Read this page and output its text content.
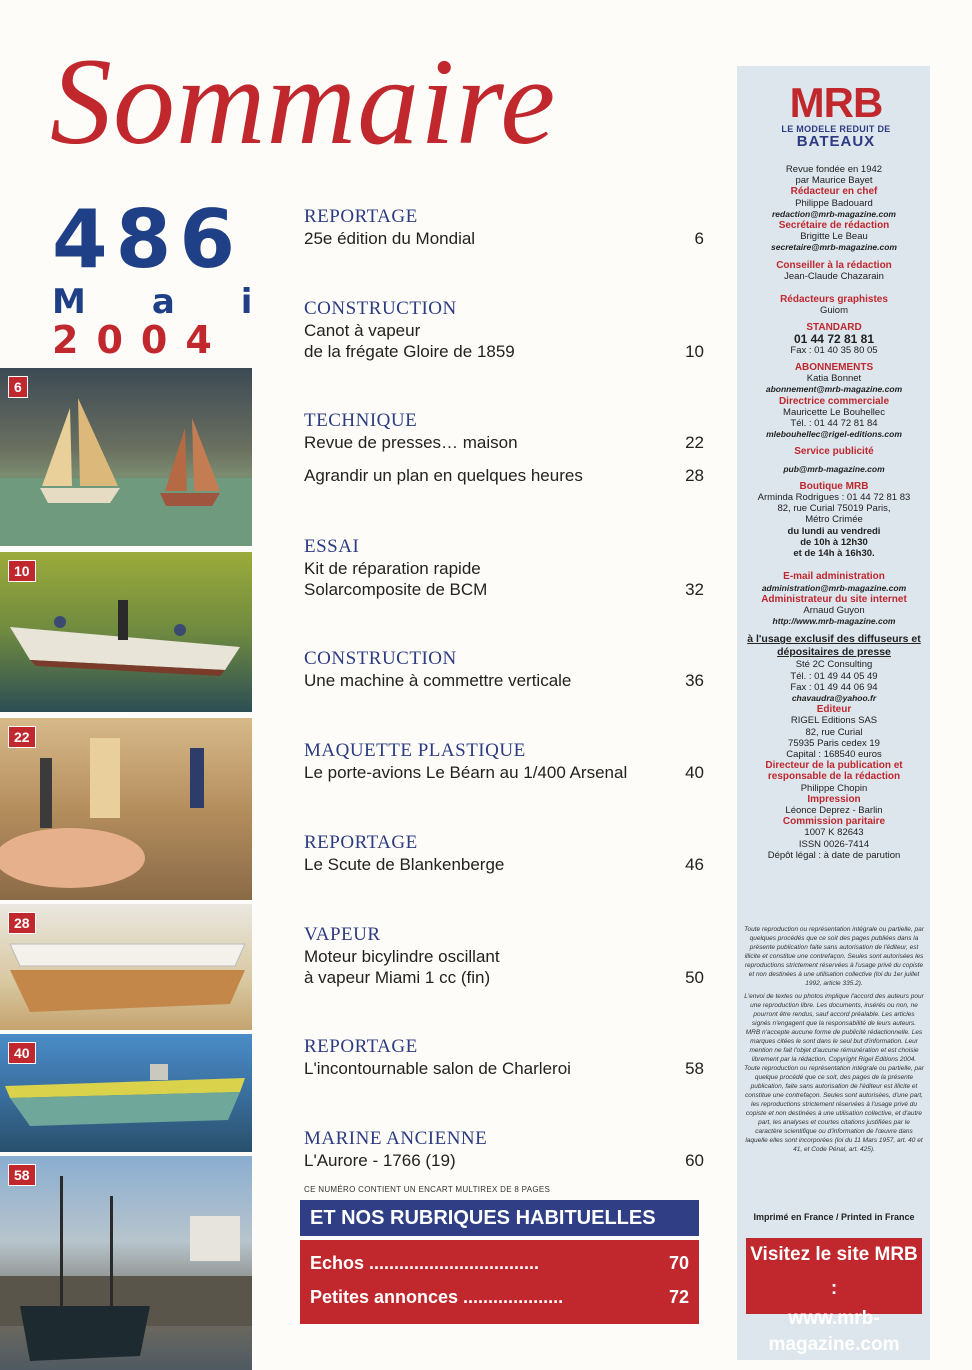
Sommaire
486
Mai
2004
6
10
22
28
40
58
REPORTAGE
25e édition du Mondial	6
CONSTRUCTION
Canot à vapeur
de la frégate Gloire de 1859	10
TECHNIQUE
Revue de presses… maison	22
Agrandir un plan en quelques heures	28
ESSAI
Kit de réparation rapide
Solarcomposite de BCM	32
CONSTRUCTION
Une machine à commettre verticale	36
MAQUETTE PLASTIQUE
Le porte-avions Le Béarn au 1/400 Arsenal	40
REPORTAGE
Le Scute de Blankenberge	46
VAPEUR
Moteur bicylindre oscillant
à vapeur Miami 1 cc (fin)	50
REPORTAGE
L'incontournable salon de Charleroi	58
MARINE ANCIENNE
L'Aurore - 1766 (19)	60
CE NUMÉRO CONTIENT UN ENCART MULTIREX DE 8 PAGES
ET NOS RUBRIQUES HABITUELLES
Echos ..................................	70
Petites annonces ....................	72
MRB
LE MODELE REDUIT DE
BATEAUX
Revue fondée en 1942
par Maurice Bayet
Rédacteur en chef
Philippe Badouard
redaction@mrb-magazine.com
Secrétaire de rédaction
Brigitte Le Beau
secretaire@mrb-magazine.com
Conseiller à la rédaction
Jean-Claude Chazarain
Rédacteurs graphistes
Guiom
STANDARD
01 44 72 81 81
Fax : 01 40 35 80 05
ABONNEMENTS
Katia Bonnet
abonnement@mrb-magazine.com
Directrice commerciale
Mauricette Le Bouhellec
Tél. : 01 44 72 81 84
mlebouhellec@rigel-editions.com
Service publicité
pub@mrb-magazine.com
Boutique MRB
Arminda Rodrigues : 01 44 72 81 83
82, rue Curial 75019 Paris,
Métro Crimée
du lundi au vendredi
de 10h à 12h30
et de 14h à 16h30.
E-mail administration
administration@mrb-magazine.com
Administrateur du site internet
Arnaud Guyon
http://www.mrb-magazine.com
à l'usage exclusif des diffuseurs et dépositaires de presse
Sté 2C Consulting
Tél. : 01 49 44 05 49
Fax : 01 49 44 06 94
chavaudra@yahoo.fr
Editeur
RIGEL Editions SAS
82, rue Curial
75935 Paris cedex 19
Capital : 168540 euros
Directeur de la publication et responsable de la rédaction
Philippe Chopin
Impression
Léonce Deprez - Barlin
Commission paritaire
1007 K 82643
ISSN 0026-7414
Dépôt légal : à date de parution

Toute reproduction ou représentation intégrale ou partielle, par quelques procédés que ce soit des pages publiées dans la présente publication faite sans autorisation de l'éditeur, est illicite et constitue une contrefaçon. Seules sont autorisées les reproductions strictement réservées à l'usage privé du copiste et non destinées à une utilisation collective (loi du 1er juillet 1992, article 335.2).

L'envoi de textes ou photos implique l'accord des auteurs pour une reproduction libre. Les documents, insérés ou non, ne pourront être rendus, sauf accord préalable. Les articles signés n'engagent que la responsabilité de leurs auteurs. MRB n'accepte aucune forme de publicité rédactionnelle. Les marques citées le sont dans le seul but d'information. Leur mention ne fait l'objet d'aucune rémunération et est choisie librement par la rédaction. Copyright Rigel Editions 2004. Toute reproduction ou représentation intégrale ou partielle, par quelque procédé que ce soit, des pages de la présente publication, faite sans autorisation de l'éditeur est illicite et constitue une contrefaçon. Seules sont autorisées, d'une part, les reproductions strictement réservées à l'usage privé du copiste et non destinées à une utilisation collective, et d'autre part, les analyses et courtes citations justifiées par le caractère scientifique ou d'information de l'œuvre dans laquelle elles sont incorporées (loi du 11 Mars 1957, art. 40 et 41, et Code Pénal, art. 425).

Imprimé en France / Printed in France
Visitez le site MRB :
www.mrb-magazine.com
